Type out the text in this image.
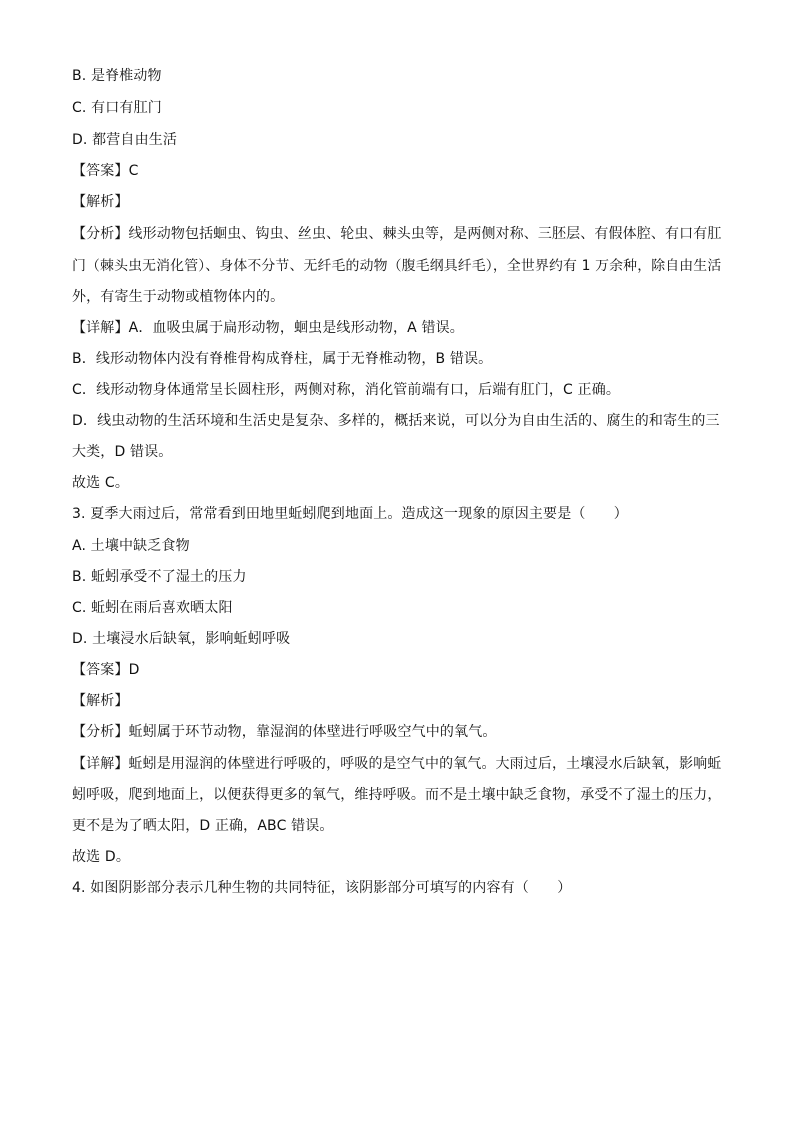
B. 是脊椎动物
C. 有口有肛门
D. 都营自由生活
【答案】C
【解析】
【分析】线形动物包括蛔虫、钩虫、丝虫、轮虫、棘头虫等，是两侧对称、三胚层、有假体腔、有口有肛
门（棘头虫无消化管）、身体不分节、无纤毛的动物（腹毛纲具纤毛），全世界约有 1 万余种，除自由生活
外，有寄生于动物或植物体内的。
【详解】A．血吸虫属于扁形动物，蛔虫是线形动物，A 错误。
B．线形动物体内没有脊椎骨构成脊柱，属于无脊椎动物，B 错误。
C．线形动物身体通常呈长圆柱形，两侧对称，消化管前端有口，后端有肛门，C 正确。
D．线虫动物的生活环境和生活史是复杂、多样的，概括来说，可以分为自由生活的、腐生的和寄生的三
大类，D 错误。
故选 C。
3. 夏季大雨过后，常常看到田地里蚯蚓爬到地面上。造成这一现象的原因主要是（　　）
A. 土壤中缺乏食物
B. 蚯蚓承受不了湿土的压力
C. 蚯蚓在雨后喜欢晒太阳
D. 土壤浸水后缺氧，影响蚯蚓呼吸
【答案】D
【解析】
【分析】蚯蚓属于环节动物，靠湿润的体壁进行呼吸空气中的氧气。
【详解】蚯蚓是用湿润的体壁进行呼吸的，呼吸的是空气中的氧气。大雨过后，土壤浸水后缺氧，影响蚯
蚓呼吸，爬到地面上，以便获得更多的氧气，维持呼吸。而不是土壤中缺乏食物，承受不了湿土的压力，
更不是为了晒太阳，D 正确，ABC 错误。
故选 D。
4. 如图阴影部分表示几种生物的共同特征，该阴影部分可填写的内容有（　　）
